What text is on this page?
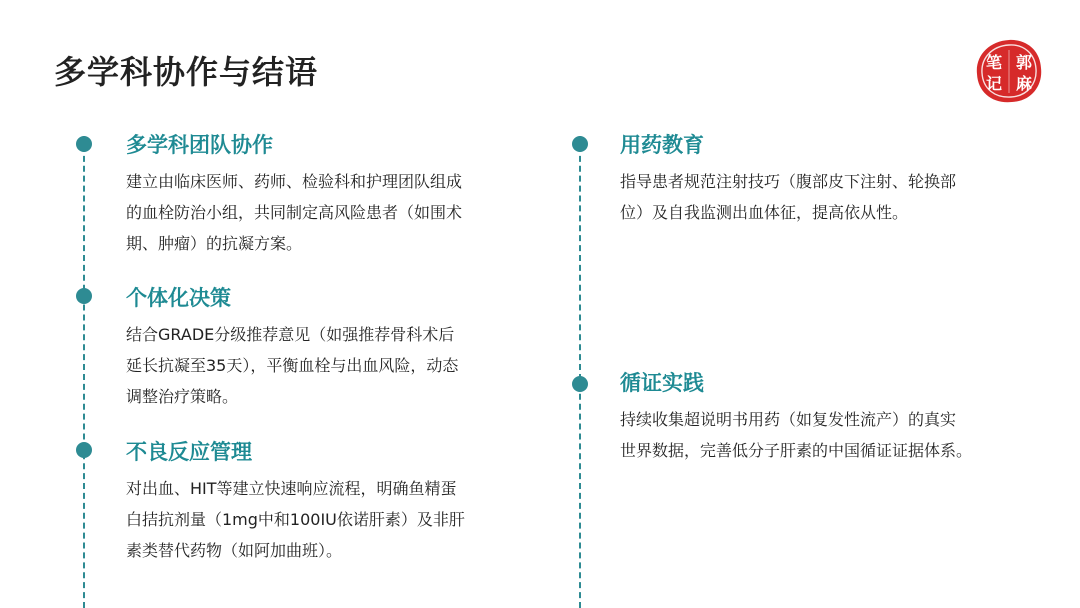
多学科协作与结语	笔 郭
记 麻
多学科团队协作

建立由临床医师、药师、检验科和护理团队组成
的血栓防治小组，共同制定高风险患者（如围术
期、肿瘤）的抗凝方案。

个体化决策

结合GRADE分级推荐意见（如强推荐骨科术后
延长抗凝至35天），平衡血栓与出血风险，动态
调整治疗策略。

不良反应管理

对出血、HIT等建立快速响应流程，明确鱼精蛋
白拮抗剂量（1mg中和100IU依诺肝素）及非肝
素类替代药物（如阿加曲班）。

用药教育

指导患者规范注射技巧（腹部皮下注射、轮换部
位）及自我监测出血体征，提高依从性。

循证实践

持续收集超说明书用药（如复发性流产）的真实
世界数据，完善低分子肝素的中国循证证据体系。
